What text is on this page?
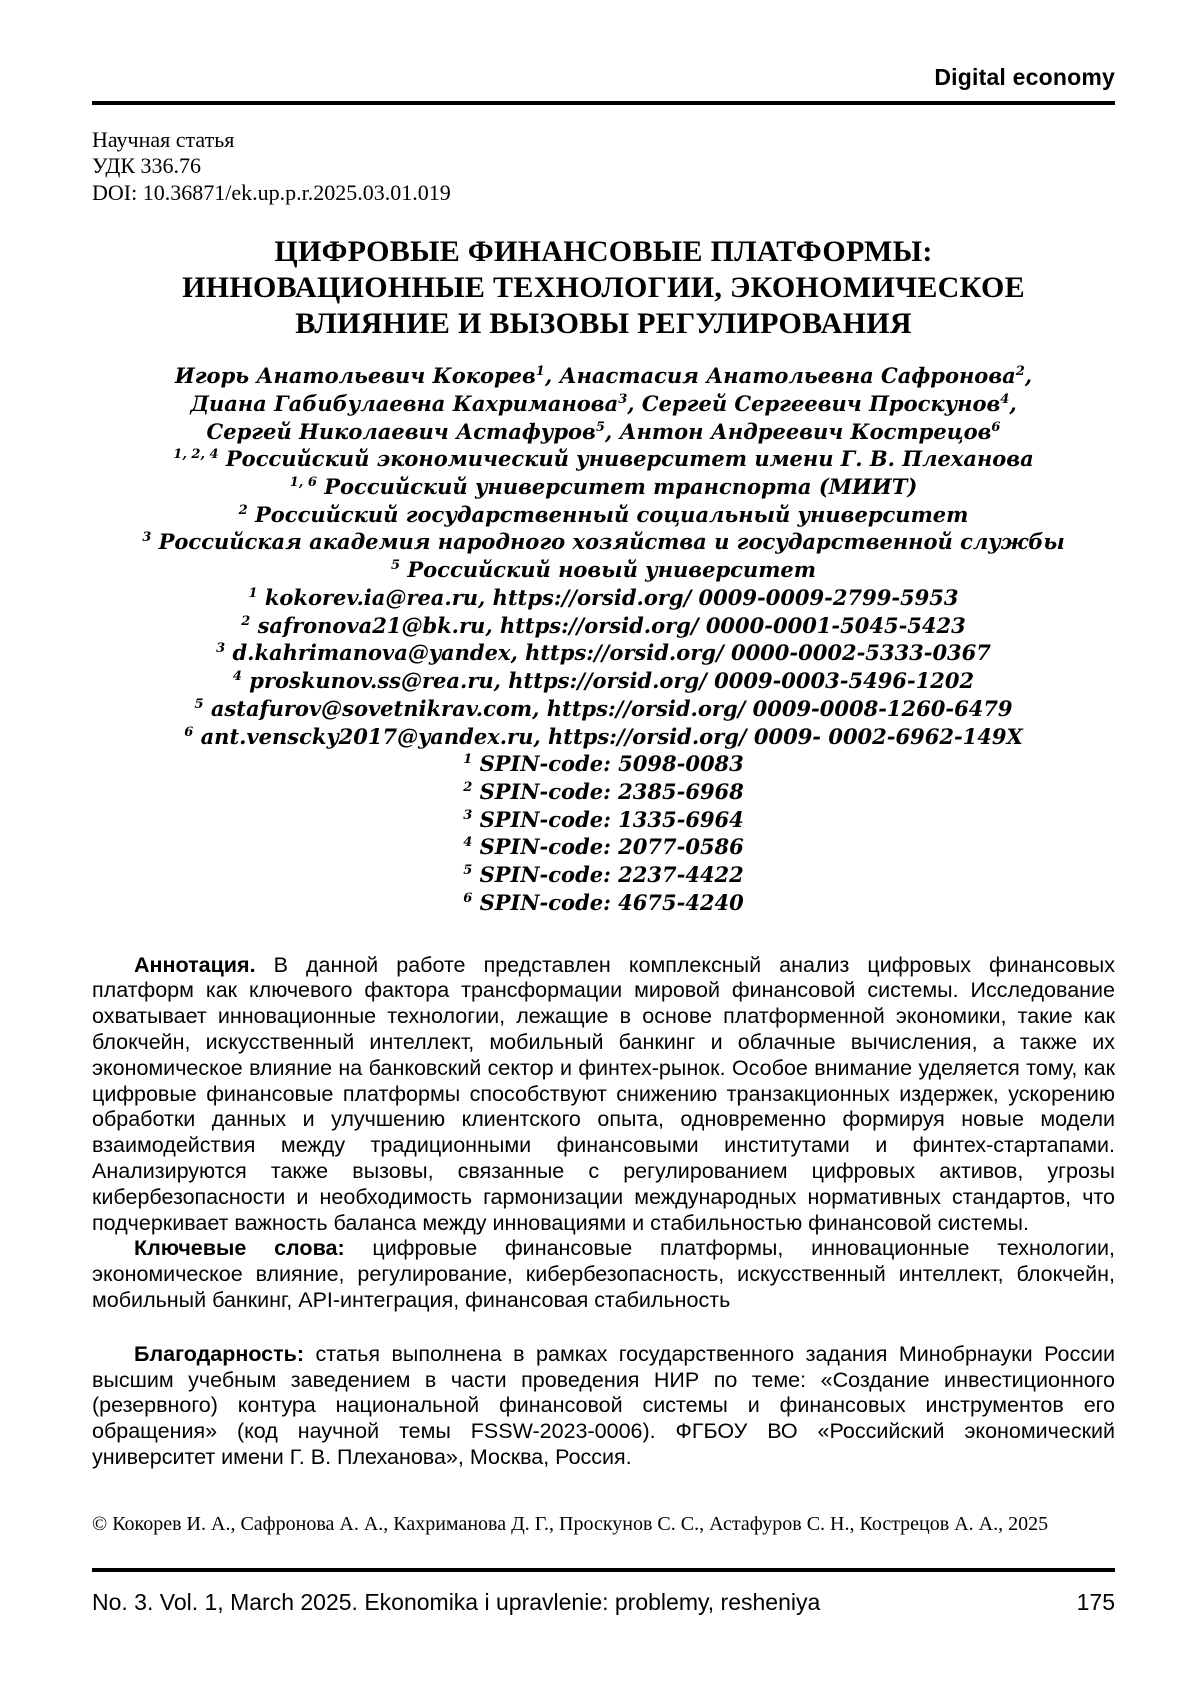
Digital economy
Научная статья
УДК 336.76
DOI: 10.36871/ek.up.p.r.2025.03.01.019
ЦИФРОВЫЕ ФИНАНСОВЫЕ ПЛАТФОРМЫ:
ИННОВАЦИОННЫЕ ТЕХНОЛОГИИ, ЭКОНОМИЧЕСКОЕ
ВЛИЯНИЕ И ВЫЗОВЫ РЕГУЛИРОВАНИЯ
Игорь Анатольевич Кокорев$^1$, Анастасия Анатольевна Сафронова$^2$,
Диана Габибулаевна Кахриманова$^3$, Сергей Сергеевич Проскунов$^4$,
Сергей Николаевич Астафуров$^5$, Антон Андреевич Кострецов$^6$
$^{1, 2, 4}$ Российский экономический университет имени Г. В. Плеханова
$^{1, 6}$ Российский университет транспорта (МИИТ)
$^2$ Российский государственный социальный университет
$^3$ Российская академия народного хозяйства и государственной службы
$^5$ Российский новый университет
$^1$ kokorev.ia@rea.ru, https://orsid.org/ 0009-0009-2799-5953
$^2$ safronova21@bk.ru, https://orsid.org/ 0000-0001-5045-5423
$^3$ d.kahrimanova@yandex, https://orsid.org/ 0000-0002-5333-0367
$^4$ proskunov.ss@rea.ru, https://orsid.org/ 0009-0003-5496-1202
$^5$ astafurov@sovetnikrav.com, https://orsid.org/ 0009-0008-1260-6479
$^6$ ant.venscky2017@yandex.ru, https://orsid.org/ 0009- 0002-6962-149X
$^1$ SPIN-code: 5098-0083
$^2$ SPIN-code: 2385-6968
$^3$ SPIN-code: 1335-6964
$^4$ SPIN-code: 2077-0586
$^5$ SPIN-code: 2237-4422
$^6$ SPIN-code: 4675-4240

Аннотация. В данной работе представлен комплексный анализ цифровых финансовых платформ как ключевого фактора трансформации мировой финансовой системы. Исследование охватывает инновационные технологии, лежащие в основе платформенной экономики, такие как блокчейн, искусственный интеллект, мобильный банкинг и облачные вычисления, а также их экономическое влияние на банковский сектор и финтех-рынок. Особое внимание уделяется тому, как цифровые финансовые платформы способствуют снижению транзакционных издержек, ускорению обработки данных и улучшению клиентского опыта, одновременно формируя новые модели взаимодействия между традиционными финансовыми институтами и финтех-стартапами. Анализируются также вызовы, связанные с регулированием цифровых активов, угрозы кибербезопасности и необходимость гармонизации международных нормативных стандартов, что подчеркивает важность баланса между инновациями и стабильностью финансовой системы.

Ключевые слова: цифровые финансовые платформы, инновационные технологии, экономическое влияние, регулирование, кибербезопасность, искусственный интеллект, блокчейн, мобильный банкинг, API-интеграция, финансовая стабильность

Благодарность: статья выполнена в рамках государственного задания Минобрнауки России высшим учебным заведением в части проведения НИР по теме: «Создание инвестиционного (резервного) контура национальной финансовой системы и финансовых инструментов его обращения» (код научной темы FSSW-2023-0006). ФГБОУ ВО «Российский экономический университет имени Г. В. Плеханова», Москва, Россия.

© Кокорев И. А., Сафронова А. А., Кахриманова Д. Г., Проскунов С. С., Астафуров С. Н., Кострецов А. А., 2025
No. 3. Vol. 1, March 2025. Ekonomika i upravlenie: problemy, resheniya	175
